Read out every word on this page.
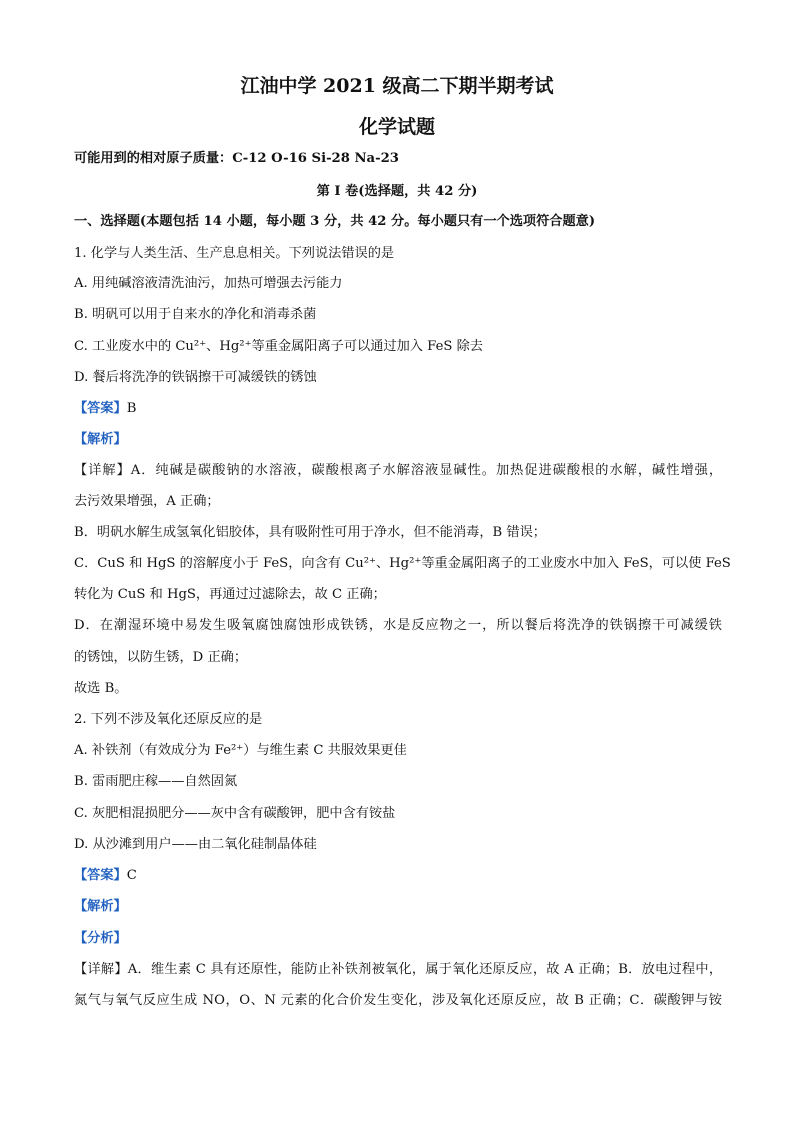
江油中学 2021 级高二下期半期考试
化学试题
可能用到的相对原子质量：C-12 O-16 Si-28 Na-23
第 I 卷(选择题，共 42 分)
一、选择题(本题包括 14 小题，每小题 3 分，共 42 分。每小题只有一个选项符合题意)
1. 化学与人类生活、生产息息相关。下列说法错误的是
A. 用纯碱溶液清洗油污，加热可增强去污能力
B. 明矾可以用于自来水的净化和消毒杀菌
C. 工业废水中的 Cu²⁺、Hg²⁺等重金属阳离子可以通过加入 FeS 除去
D. 餐后将洗净的铁锅擦干可减缓铁的锈蚀
【答案】B
【解析】
【详解】A．纯碱是碳酸钠的水溶液，碳酸根离子水解溶液显碱性。加热促进碳酸根的水解，碱性增强，
去污效果增强，A 正确；
B．明矾水解生成氢氧化铝胶体，具有吸附性可用于净水，但不能消毒，B 错误；
C．CuS 和 HgS 的溶解度小于 FeS，向含有 Cu²⁺、Hg²⁺等重金属阳离子的工业废水中加入 FeS，可以使 FeS
转化为 CuS 和 HgS，再通过过滤除去，故 C 正确；
D．在潮湿环境中易发生吸氧腐蚀腐蚀形成铁锈，水是反应物之一，所以餐后将洗净的铁锅擦干可减缓铁
的锈蚀，以防生锈，D 正确；
故选 B。
2. 下列不涉及氧化还原反应的是
A. 补铁剂（有效成分为 Fe²⁺）与维生素 C 共服效果更佳
B. 雷雨肥庄稼——自然固氮
C. 灰肥相混损肥分——灰中含有碳酸钾，肥中含有铵盐
D. 从沙滩到用户——由二氧化硅制晶体硅
【答案】C
【解析】
【分析】
【详解】A．维生素 C 具有还原性，能防止补铁剂被氧化，属于氧化还原反应，故 A 正确；B．放电过程中，
氮气与氧气反应生成 NO，O、N 元素的化合价发生变化，涉及氧化还原反应，故 B 正确；C．碳酸钾与铵
